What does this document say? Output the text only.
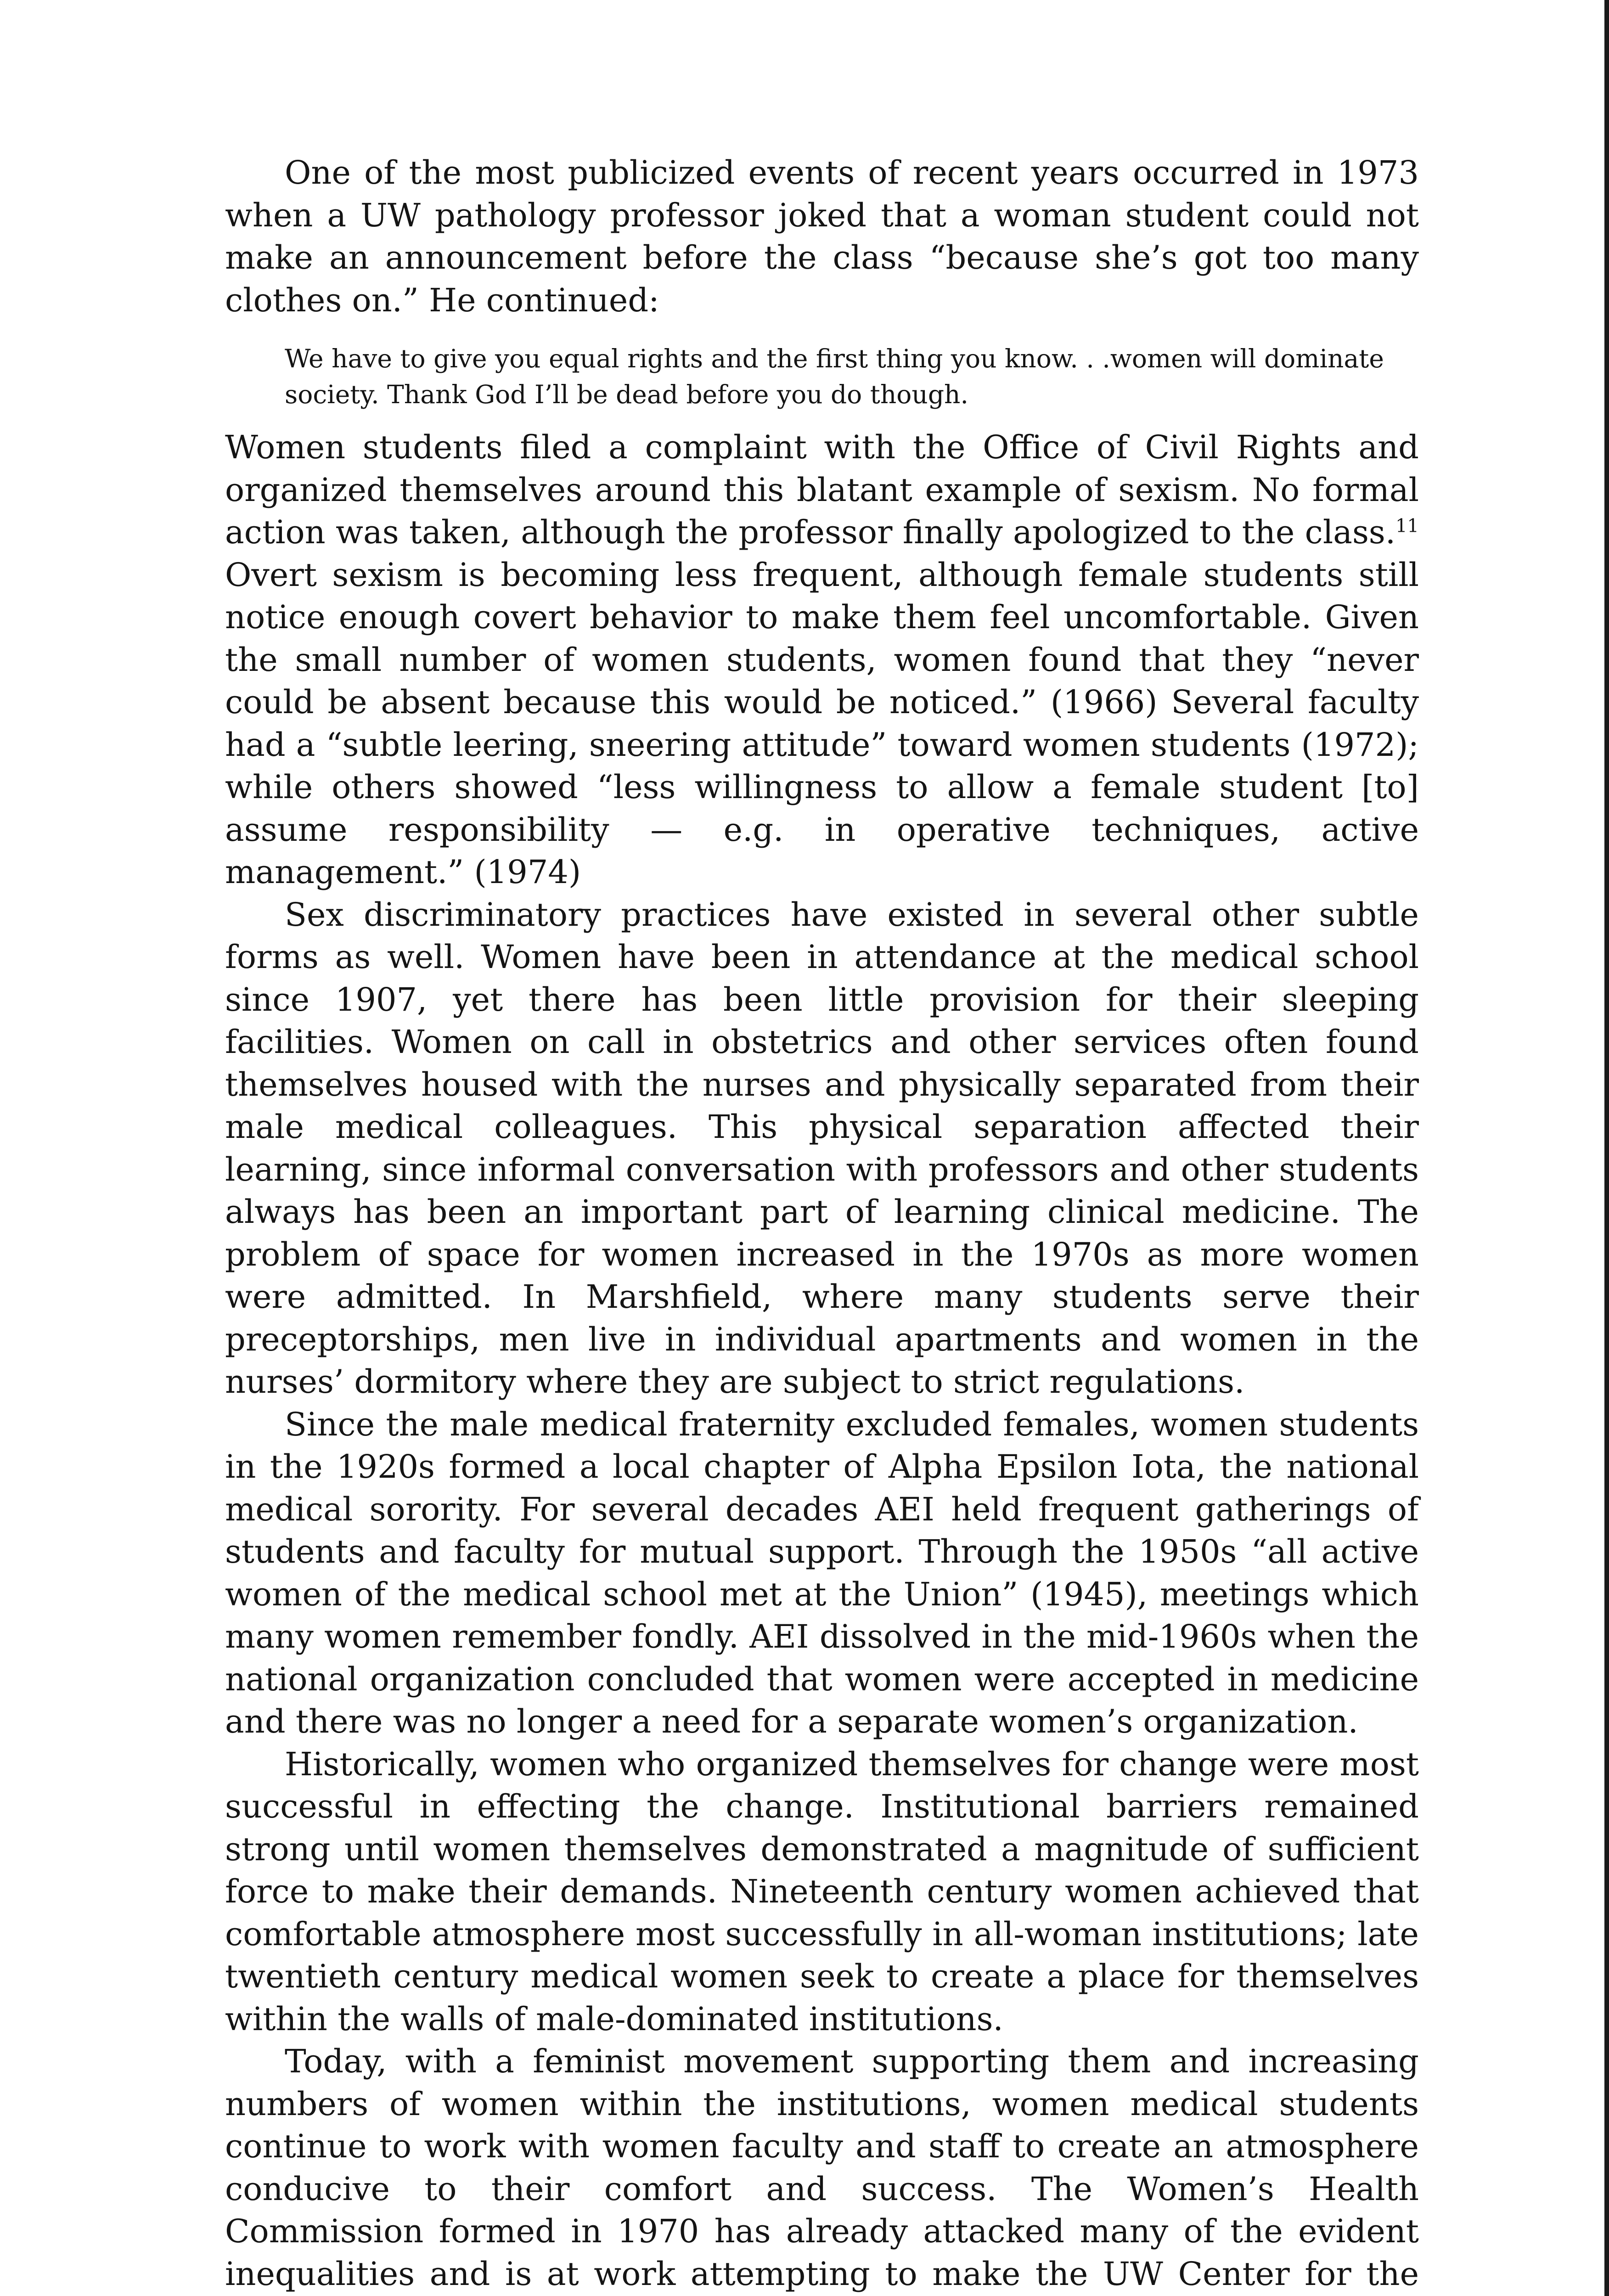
One of the most publicized events of recent years occurred in 1973 when a UW pathology professor joked that a woman student could not make an announcement before the class “because she’s got too many clothes on.” He continued:

We have to give you equal rights and the first thing you know. . .women will dominate society. Thank God I’ll be dead before you do though.

Women students filed a complaint with the Office of Civil Rights and organized themselves around this blatant example of sexism. No formal action was taken, although the professor finally apologized to the class.$^{11}$ Overt sexism is becoming less frequent, although female students still notice enough covert behavior to make them feel uncomfortable. Given the small number of women students, women found that they “never could be absent because this would be noticed.” (1966) Several faculty had a “subtle leering, sneering attitude” toward women students (1972); while others showed “less willingness to allow a female student [to] assume responsibility — e.g. in operative techniques, active management.” (1974)

Sex discriminatory practices have existed in several other subtle forms as well. Women have been in attendance at the medical school since 1907, yet there has been little provision for their sleeping facilities. Women on call in obstetrics and other services often found themselves housed with the nurses and physically separated from their male medical colleagues. This physical separation affected their learning, since informal conversation with professors and other students always has been an important part of learning clinical medicine. The problem of space for women increased in the 1970s as more women were admitted. In Marshfield, where many students serve their preceptorships, men live in individual apartments and women in the nurses’ dormitory where they are subject to strict regulations.

Since the male medical fraternity excluded females, women students in the 1920s formed a local chapter of Alpha Epsilon Iota, the national medical sorority. For several decades AEI held frequent gatherings of students and faculty for mutual support. Through the 1950s “all active women of the medical school met at the Union” (1945), meetings which many women remember fondly. AEI dissolved in the mid-1960s when the national organization concluded that women were accepted in medicine and there was no longer a need for a separate women’s organization.

Historically, women who organized themselves for change were most successful in effecting the change. Institutional barriers remained strong until women themselves demonstrated a magnitude of sufficient force to make their demands. Nineteenth century women achieved that comfortable atmosphere most successfully in all-woman institutions; late twentieth century medical women seek to create a place for themselves within the walls of male-dominated institutions.

Today, with a feminist movement supporting them and increasing numbers of women within the institutions, women medical students continue to work with women faculty and staff to create an atmosphere conducive to their comfort and success. The Women’s Health Commission formed in 1970 has already attacked many of the evident inequalities and is at work attempting to make the UW Center for the
